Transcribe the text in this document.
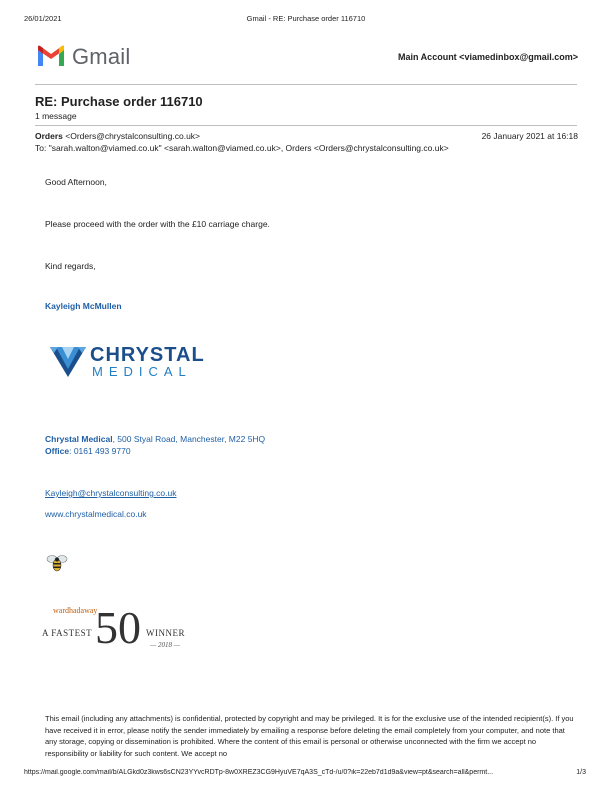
26/01/2021	Gmail - RE: Purchase order 116710
Gmail	Main Account <viamedinbox@gmail.com>
RE: Purchase order 116710
1 message
Orders <Orders@chrystalconsulting.co.uk>	26 January 2021 at 16:18
To: "sarah.walton@viamed.co.uk" <sarah.walton@viamed.co.uk>, Orders <Orders@chrystalconsulting.co.uk>
Good Afternoon,
Please proceed with the order with the £10 carriage charge.
Kind regards,
Kayleigh McMullen
CHRYSTAL
MEDICAL
Chrystal Medical, 500 Styal Road, Manchester, M22 5HQ
Office: 0161 493 9770
Kayleigh@chrystalconsulting.co.uk
www.chrystalmedical.co.uk
wardhadaway
A FASTEST 50 WINNER
— 2018 —
This email (including any attachments) is confidential, protected by copyright and may be privileged. It is for the exclusive use of the intended recipient(s). If you have received it in error, please notify the sender immediately by emailing a response before deleting the email completely from your computer, and note that any storage, copying or dissemination is prohibited. Where the content of this email is personal or otherwise unconnected with the firm we accept no responsibility or liability for such content. We accept no
https://mail.google.com/mail/b/ALGkd0z3kws6sCN23YYvcRDTp-8w0XREZ3CG9HyuVE7qA3S_cTd-/u/0?ik=22eb7d1d9a&view=pt&search=all&permt...	1/3
